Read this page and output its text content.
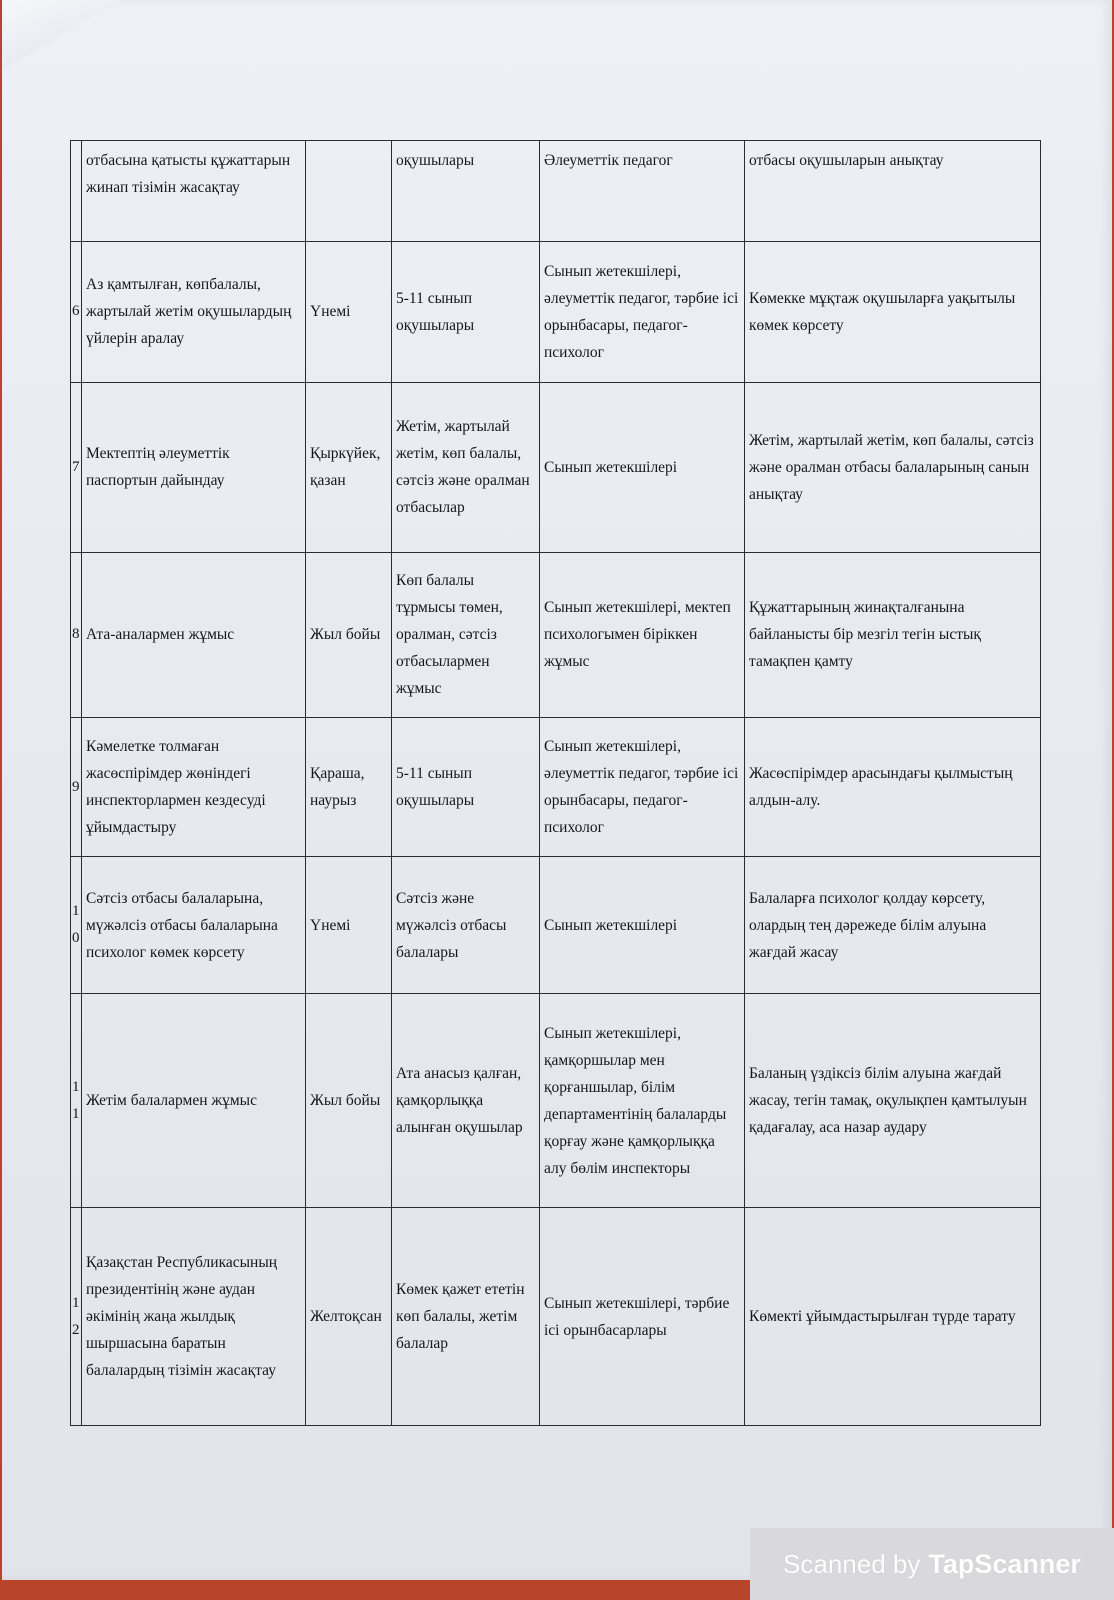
	отбасына қатысты құжаттарын жинап тізімін жасақтау		оқушылары	Әлеуметтік педагог	отбасы оқушыларын анықтау
6	Аз қамтылған, көпбалалы, жартылай жетім оқушылардың үйлерін аралау	Үнемі	5-11 сынып оқушылары	Сынып жетекшілері, әлеуметтік педагог, тәрбие ісі орынбасары, педагог-психолог	Көмекке мұқтаж оқушыларға уақытылы көмек көрсету
7	Мектептің әлеуметтік паспортын дайындау	Қыркүйек, қазан	Жетім, жартылай жетім, көп балалы, сәтсіз және оралман отбасылар	Сынып жетекшілері	Жетім, жартылай жетім, көп балалы, сәтсіз және оралман отбасы балаларының санын анықтау
8	Ата-аналармен жұмыс	Жыл бойы	Көп балалы тұрмысы төмен, оралман, сәтсіз отбасылармен жұмыс	Сынып жетекшілері, мектеп психологымен біріккен жұмыс	Құжаттарының жинақталғанына байланысты бір мезгіл тегін ыстық тамақпен қамту
9	Кәмелетке толмаған жасөспірімдер жөніндегі инспекторлармен кездесуді ұйымдастыру	Қараша, наурыз	5-11 сынып оқушылары	Сынып жетекшілері, әлеуметтік педагог, тәрбие ісі орынбасары, педагог-психолог	Жасөспірімдер арасындағы қылмыстың алдын-алу.
10	Сәтсіз отбасы балаларына, мүжәлсіз отбасы балаларына психолог көмек көрсету	Үнемі	Сәтсіз және мүжәлсіз отбасы балалары	Сынып жетекшілері	Балаларға психолог қолдау көрсету, олардың тең дәрежеде білім алуына жағдай жасау
11	Жетім балалармен жұмыс	Жыл бойы	Ата анасыз қалған, қамқорлыққа алынған оқушылар	Сынып жетекшілері, қамқоршылар мен қорғаншылар, білім департаментінің балаларды қорғау және қамқорлыққа алу бөлім инспекторы	Баланың үздіксіз білім алуына жағдай жасау, тегін тамақ, оқулықпен қамтылуын қадағалау, аса назар аудару
12	Қазақстан Республикасының президентінің және аудан әкімінің жаңа жылдық шыршасына баратын балалардың тізімін жасақтау	Желтоқсан	Көмек қажет ететін көп балалы, жетім балалар	Сынып жетекшілері, тәрбие ісі орынбасарлары	Көмекті ұйымдастырылған түрде тарату
Scanned by TapScanner
